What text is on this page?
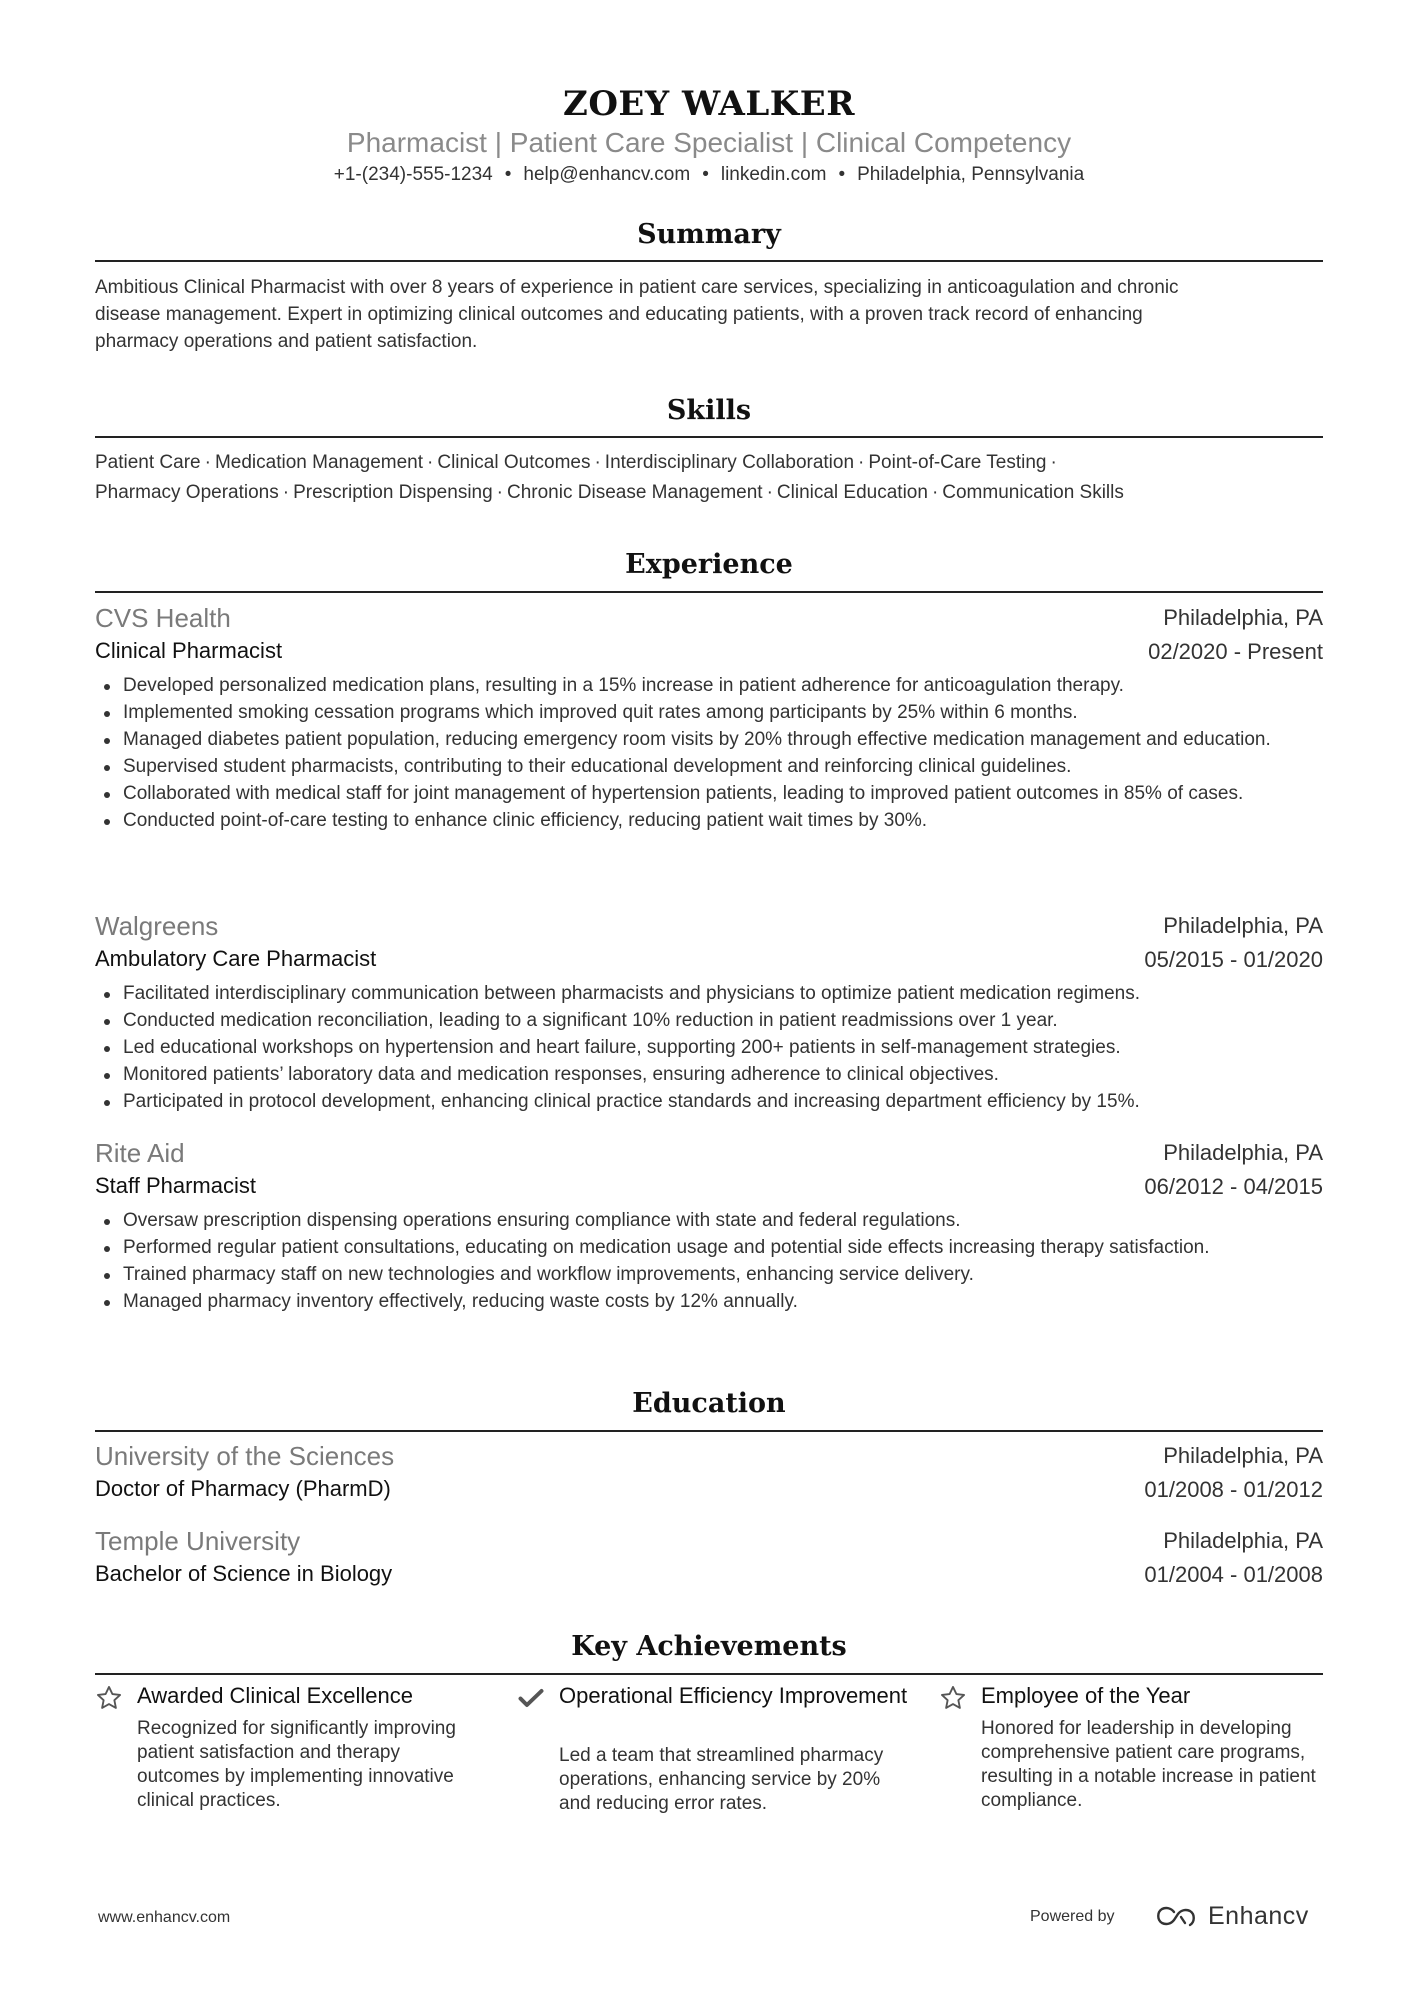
ZOEY WALKER
Pharmacist | Patient Care Specialist | Clinical Competency
+1-(234)-555-1234 • help@enhancv.com • linkedin.com • Philadelphia, Pennsylvania
Summary
Ambitious Clinical Pharmacist with over 8 years of experience in patient care services, specializing in anticoagulation and chronic
disease management. Expert in optimizing clinical outcomes and educating patients, with a proven track record of enhancing
pharmacy operations and patient satisfaction.
Skills
Patient Care · Medication Management · Clinical Outcomes · Interdisciplinary Collaboration · Point-of-Care Testing ·
Pharmacy Operations · Prescription Dispensing · Chronic Disease Management · Clinical Education · Communication Skills
Experience
CVS Health	Philadelphia, PA
Clinical Pharmacist	02/2020 - Present
Developed personalized medication plans, resulting in a 15% increase in patient adherence for anticoagulation therapy.
Implemented smoking cessation programs which improved quit rates among participants by 25% within 6 months.
Managed diabetes patient population, reducing emergency room visits by 20% through effective medication management and education.
Supervised student pharmacists, contributing to their educational development and reinforcing clinical guidelines.
Collaborated with medical staff for joint management of hypertension patients, leading to improved patient outcomes in 85% of cases.
Conducted point-of-care testing to enhance clinic efficiency, reducing patient wait times by 30%.
Walgreens	Philadelphia, PA
Ambulatory Care Pharmacist	05/2015 - 01/2020
Facilitated interdisciplinary communication between pharmacists and physicians to optimize patient medication regimens.
Conducted medication reconciliation, leading to a significant 10% reduction in patient readmissions over 1 year.
Led educational workshops on hypertension and heart failure, supporting 200+ patients in self-management strategies.
Monitored patients’ laboratory data and medication responses, ensuring adherence to clinical objectives.
Participated in protocol development, enhancing clinical practice standards and increasing department efficiency by 15%.
Rite Aid	Philadelphia, PA
Staff Pharmacist	06/2012 - 04/2015
Oversaw prescription dispensing operations ensuring compliance with state and federal regulations.
Performed regular patient consultations, educating on medication usage and potential side effects increasing therapy satisfaction.
Trained pharmacy staff on new technologies and workflow improvements, enhancing service delivery.
Managed pharmacy inventory effectively, reducing waste costs by 12% annually.
Education
University of the Sciences	Philadelphia, PA
Doctor of Pharmacy (PharmD)	01/2008 - 01/2012
Temple University	Philadelphia, PA
Bachelor of Science in Biology	01/2004 - 01/2008
Key Achievements
Awarded Clinical Excellence
Recognized for significantly improving patient satisfaction and therapy outcomes by implementing innovative clinical practices.
Operational Efficiency Improvement
Led a team that streamlined pharmacy operations, enhancing service by 20% and reducing error rates.
Employee of the Year
Honored for leadership in developing comprehensive patient care programs, resulting in a notable increase in patient compliance.
www.enhancv.com	Powered by	Enhancv
